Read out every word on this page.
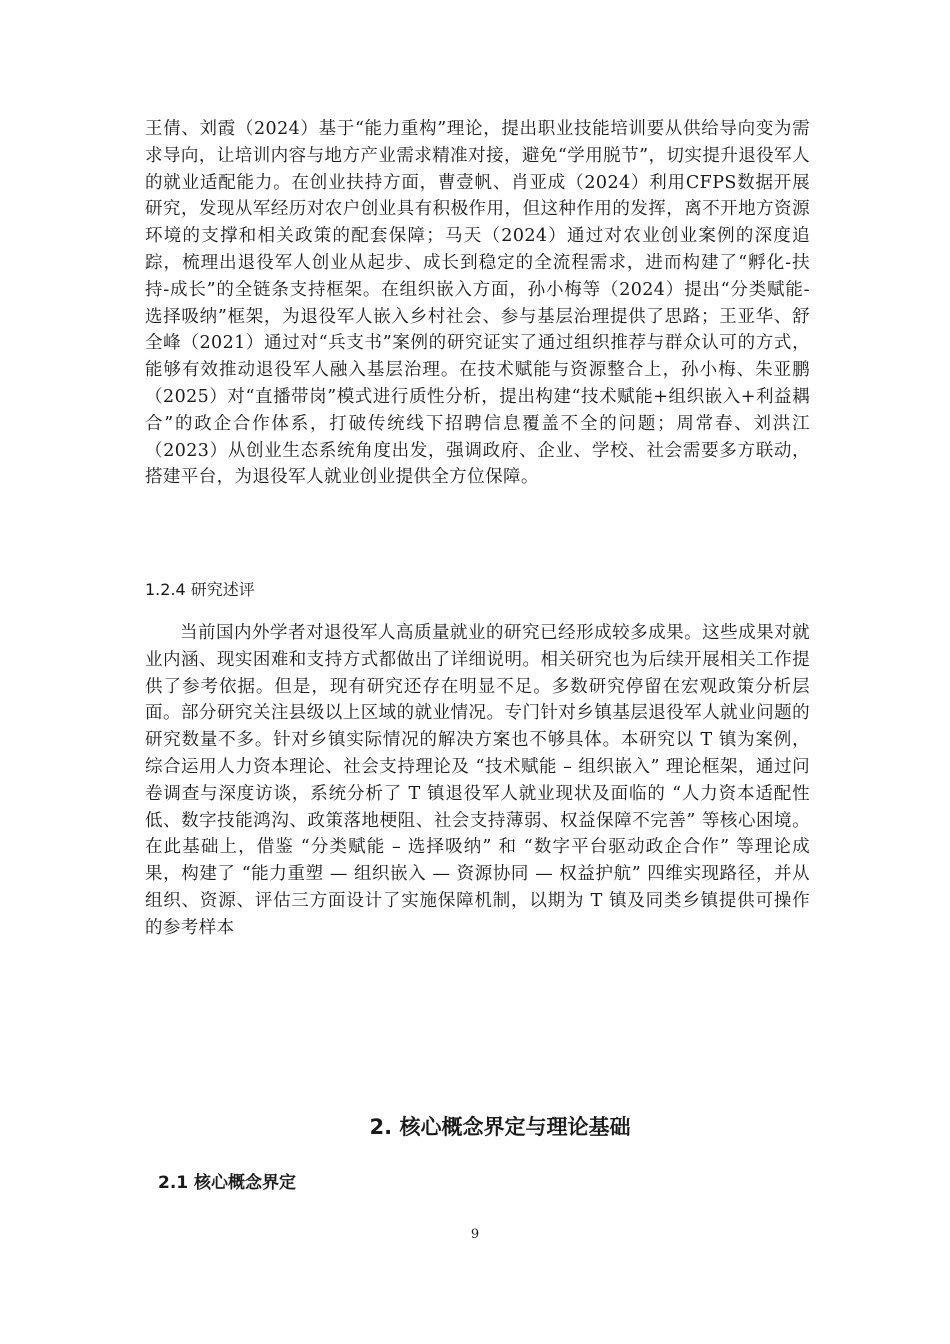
王倩、刘霞（2024）基于“能力重构”理论，提出职业技能培训要从供给导向变为需求导向，让培训内容与地方产业需求精准对接，避免“学用脱节”，切实提升退役军人的就业适配能力。在创业扶持方面，曹壹帆、肖亚成（2024）利用CFPS数据开展研究，发现从军经历对农户创业具有积极作用，但这种作用的发挥，离不开地方资源环境的支撑和相关政策的配套保障；马天（2024）通过对农业创业案例的深度追踪，梳理出退役军人创业从起步、成长到稳定的全流程需求，进而构建了“孵化-扶持-成长”的全链条支持框架。在组织嵌入方面，孙小梅等（2024）提出“分类赋能-选择吸纳”框架，为退役军人嵌入乡村社会、参与基层治理提供了思路；王亚华、舒全峰（2021）通过对“兵支书”案例的研究证实了通过组织推荐与群众认可的方式，能够有效推动退役军人融入基层治理。在技术赋能与资源整合上，孙小梅、朱亚鹏（2025）对“直播带岗”模式进行质性分析，提出构建“技术赋能+组织嵌入+利益耦合”的政企合作体系，打破传统线下招聘信息覆盖不全的问题；周常春、刘洪江（2023）从创业生态系统角度出发，强调政府、企业、学校、社会需要多方联动，搭建平台，为退役军人就业创业提供全方位保障。

1.2.4 研究述评

当前国内外学者对退役军人高质量就业的研究已经形成较多成果。这些成果对就业内涵、现实困难和支持方式都做出了详细说明。相关研究也为后续开展相关工作提供了参考依据。但是，现有研究还存在明显不足。多数研究停留在宏观政策分析层面。部分研究关注县级以上区域的就业情况。专门针对乡镇基层退役军人就业问题的研究数量不多。针对乡镇实际情况的解决方案也不够具体。本研究以 T 镇为案例，综合运用人力资本理论、社会支持理论及 “技术赋能 – 组织嵌入” 理论框架，通过问卷调查与深度访谈，系统分析了 T 镇退役军人就业现状及面临的 “人力资本适配性低、数字技能鸿沟、政策落地梗阻、社会支持薄弱、权益保障不完善” 等核心困境。在此基础上，借鉴 “分类赋能 – 选择吸纳” 和 “数字平台驱动政企合作” 等理论成果，构建了 “能力重塑 — 组织嵌入 — 资源协同 — 权益护航” 四维实现路径，并从组织、资源、评估三方面设计了实施保障机制，以期为 T 镇及同类乡镇提供可操作的参考样本

2. 核心概念界定与理论基础
2.1 核心概念界定
9
